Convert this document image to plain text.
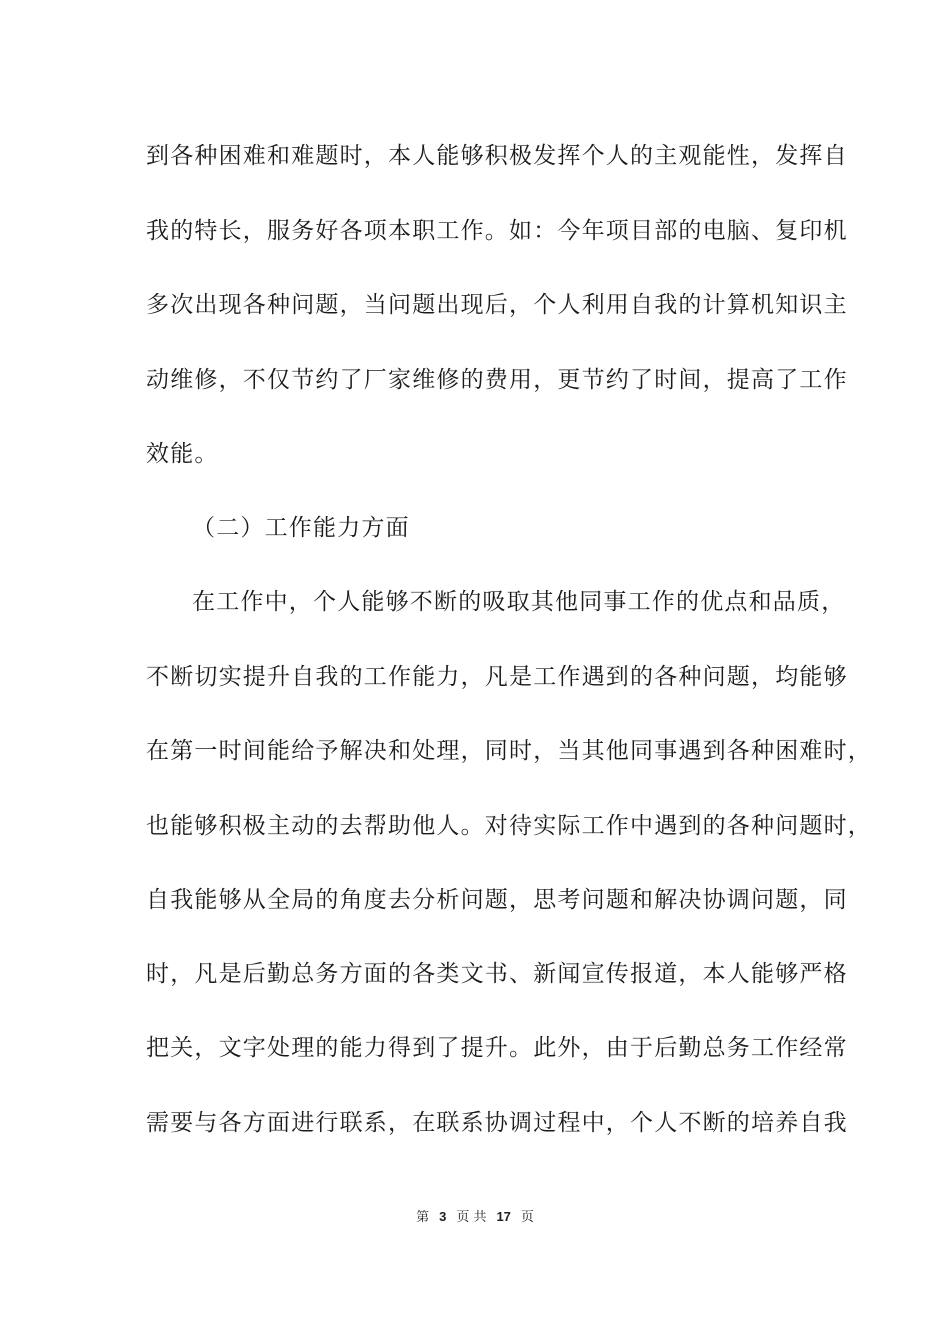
到各种困难和难题时，本人能够积极发挥个人的主观能性，发挥自
我的特长，服务好各项本职工作。如：今年项目部的电脑、复印机
多次出现各种问题，当问题出现后，个人利用自我的计算机知识主
动维修，不仅节约了厂家维修的费用，更节约了时间，提高了工作
效能。
（二）工作能力方面
在工作中，个人能够不断的吸取其他同事工作的优点和品质，
不断切实提升自我的工作能力，凡是工作遇到的各种问题，均能够
在第一时间能给予解决和处理，同时，当其他同事遇到各种困难时，
也能够积极主动的去帮助他人。对待实际工作中遇到的各种问题时，
自我能够从全局的角度去分析问题，思考问题和解决协调问题，同
时，凡是后勤总务方面的各类文书、新闻宣传报道，本人能够严格
把关，文字处理的能力得到了提升。此外，由于后勤总务工作经常
需要与各方面进行联系，在联系协调过程中，个人不断的培养自我
第 3 页 共 17 页
